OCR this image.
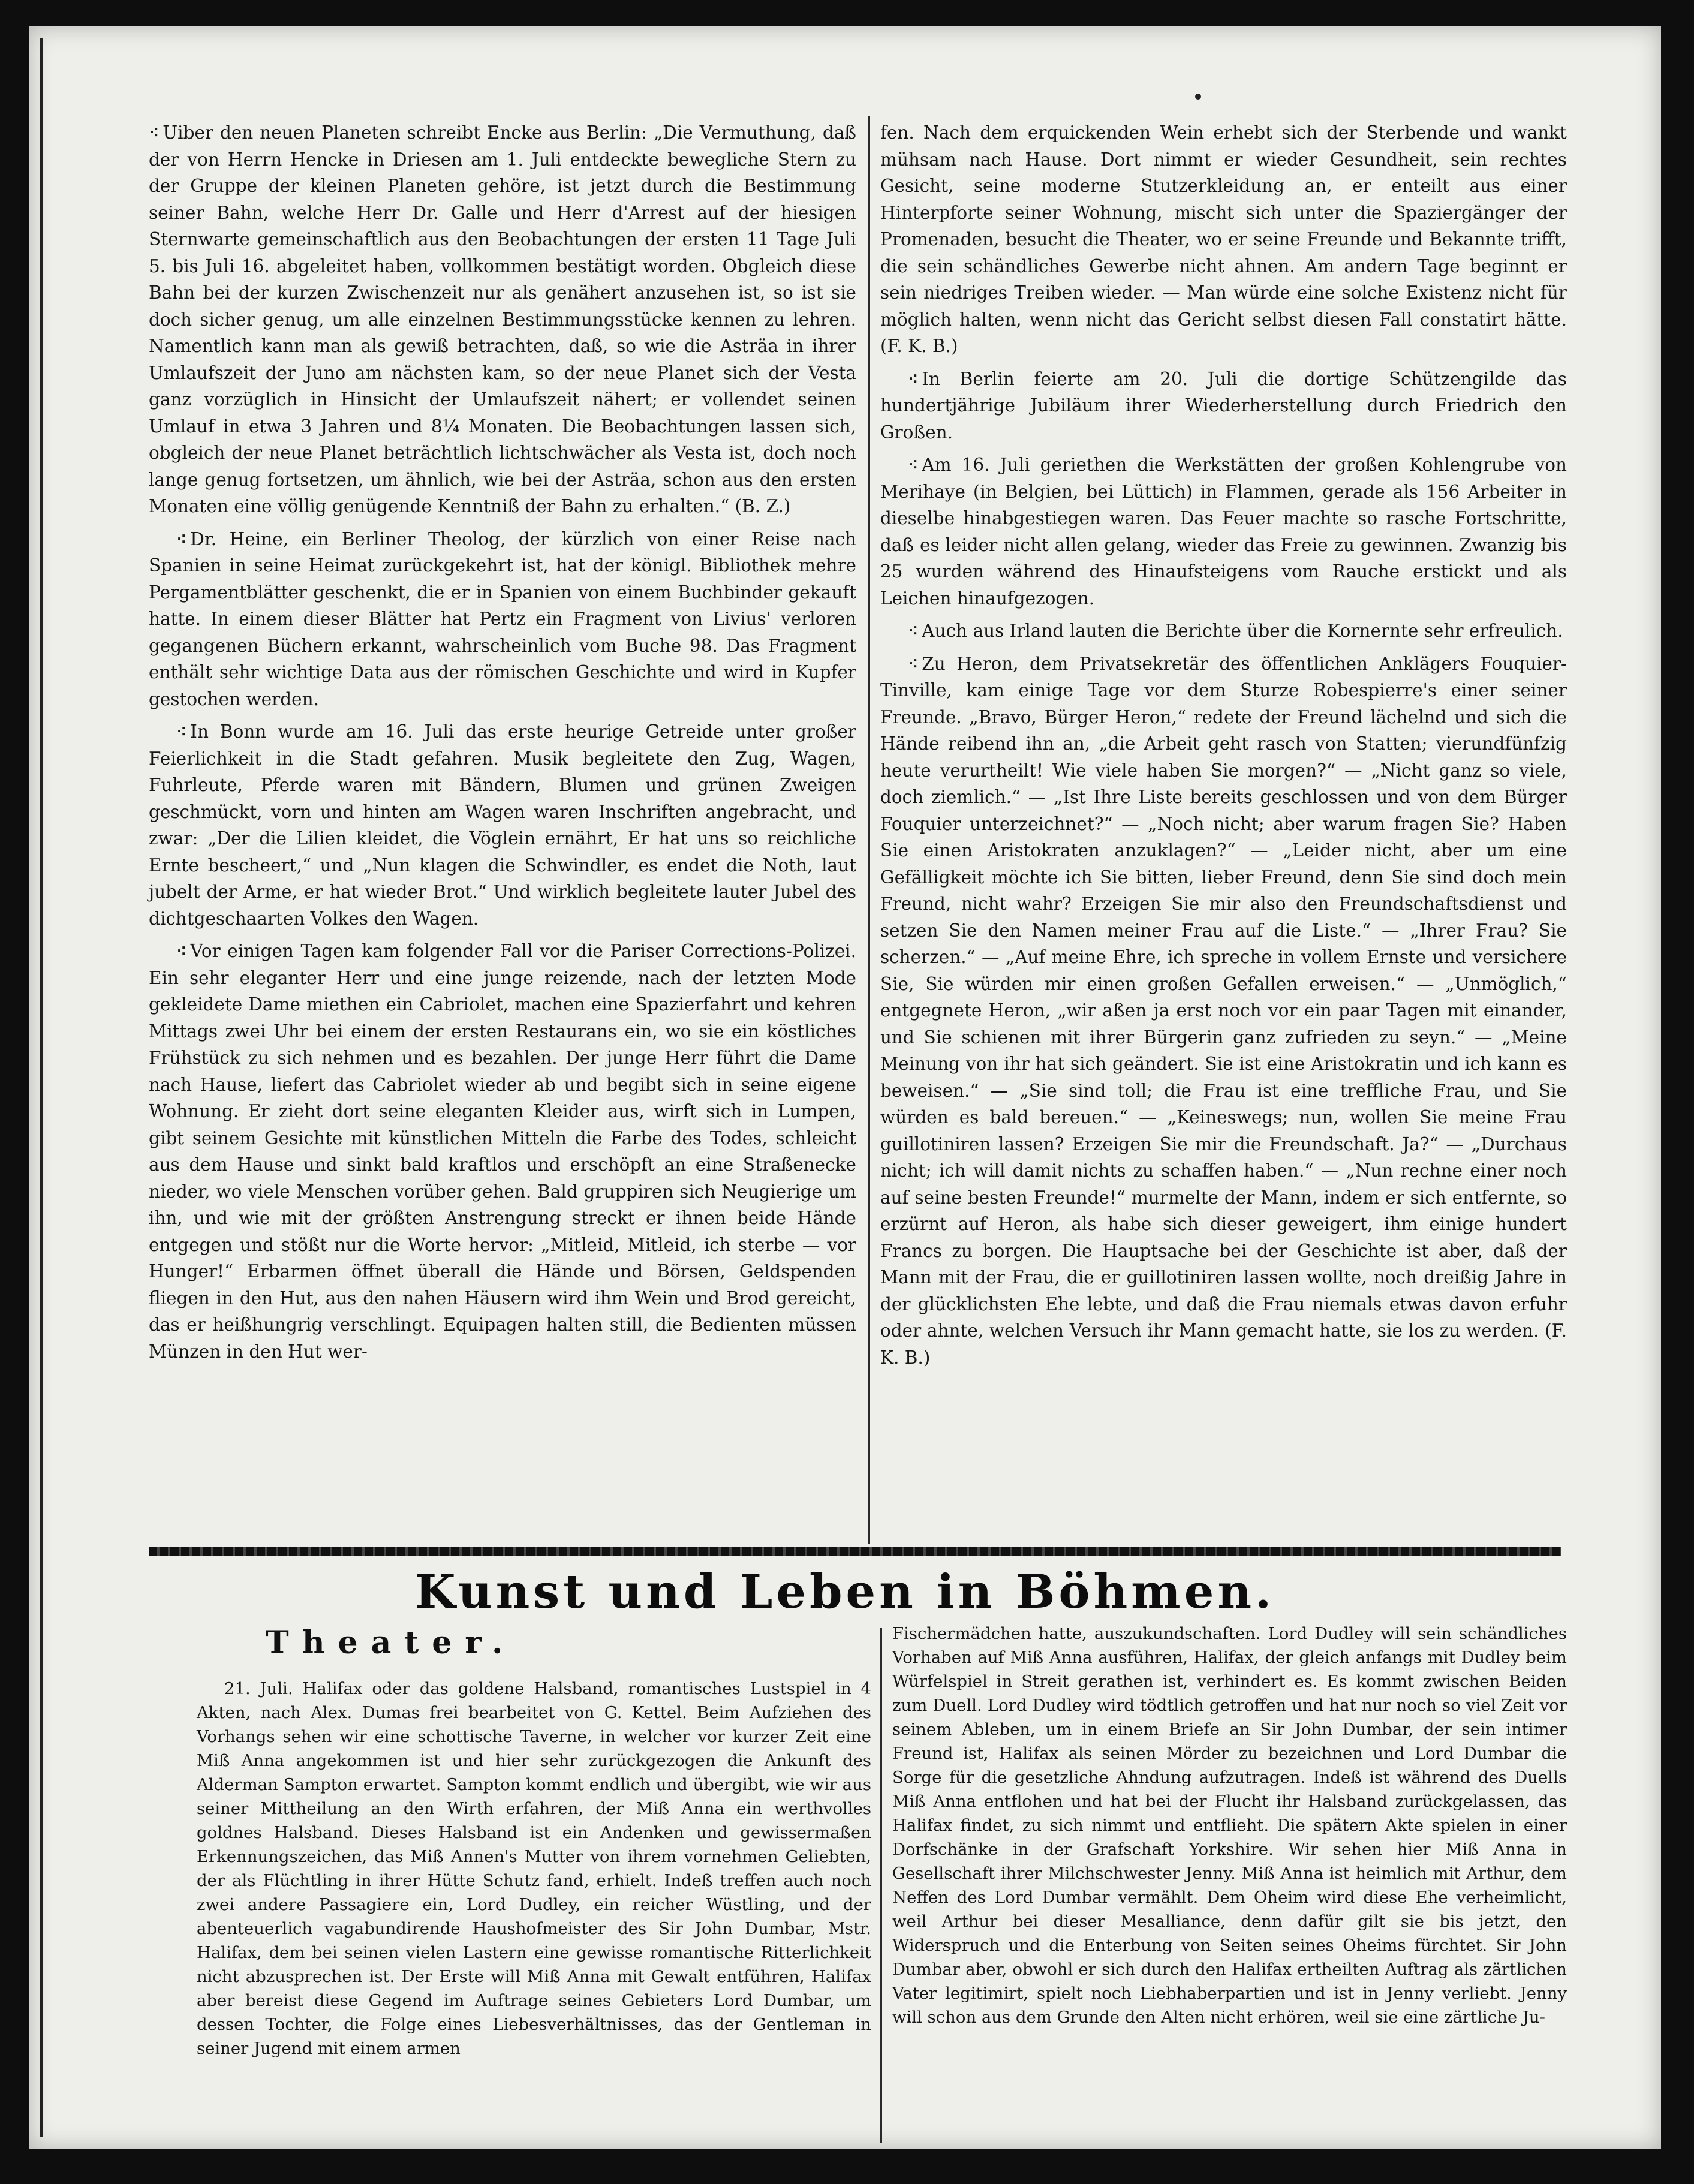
⁖ Uiber den neuen Planeten schreibt Encke aus Berlin: „Die Vermuthung, daß der von Herrn Hencke in Driesen am 1. Juli entdeckte bewegliche Stern zu der Gruppe der kleinen Planeten gehöre, ist jetzt durch die Bestimmung seiner Bahn, welche Herr Dr. Galle und Herr d'Arrest auf der hiesigen Sternwarte gemeinschaftlich aus den Beobachtungen der ersten 11 Tage Juli 5. bis Juli 16. abgeleitet haben, vollkommen bestätigt worden. Obgleich diese Bahn bei der kurzen Zwischenzeit nur als genähert anzusehen ist, so ist sie doch sicher genug, um alle einzelnen Bestimmungsstücke kennen zu lehren. Namentlich kann man als gewiß betrachten, daß, so wie die Asträa in ihrer Umlaufszeit der Juno am nächsten kam, so der neue Planet sich der Vesta ganz vorzüglich in Hinsicht der Umlaufszeit nähert; er vollendet seinen Umlauf in etwa 3 Jahren und 8¼ Monaten. Die Beobachtungen lassen sich, obgleich der neue Planet beträchtlich lichtschwächer als Vesta ist, doch noch lange genug fortsetzen, um ähnlich, wie bei der Asträa, schon aus den ersten Monaten eine völlig genügende Kenntniß der Bahn zu erhalten.“ (B. Z.)

⁖ Dr. Heine, ein Berliner Theolog, der kürzlich von einer Reise nach Spanien in seine Heimat zurückgekehrt ist, hat der königl. Bibliothek mehre Pergamentblätter geschenkt, die er in Spanien von einem Buchbinder gekauft hatte. In einem dieser Blätter hat Pertz ein Fragment von Livius' verloren gegangenen Büchern erkannt, wahrscheinlich vom Buche 98. Das Fragment enthält sehr wichtige Data aus der römischen Geschichte und wird in Kupfer gestochen werden.

⁖ In Bonn wurde am 16. Juli das erste heurige Getreide unter großer Feierlichkeit in die Stadt gefahren. Musik begleitete den Zug, Wagen, Fuhrleute, Pferde waren mit Bändern, Blumen und grünen Zweigen geschmückt, vorn und hinten am Wagen waren Inschriften angebracht, und zwar: „Der die Lilien kleidet, die Vöglein ernährt, Er hat uns so reichliche Ernte bescheert,“ und „Nun klagen die Schwindler, es endet die Noth, laut jubelt der Arme, er hat wieder Brot.“ Und wirklich begleitete lauter Jubel des dichtgeschaarten Volkes den Wagen.

⁖ Vor einigen Tagen kam folgender Fall vor die Pariser Corrections-Polizei. Ein sehr eleganter Herr und eine junge reizende, nach der letzten Mode gekleidete Dame miethen ein Cabriolet, machen eine Spazierfahrt und kehren Mittags zwei Uhr bei einem der ersten Restaurans ein, wo sie ein köstliches Frühstück zu sich nehmen und es bezahlen. Der junge Herr führt die Dame nach Hause, liefert das Cabriolet wieder ab und begibt sich in seine eigene Wohnung. Er zieht dort seine eleganten Kleider aus, wirft sich in Lumpen, gibt seinem Gesichte mit künstlichen Mitteln die Farbe des Todes, schleicht aus dem Hause und sinkt bald kraftlos und erschöpft an eine Straßenecke nieder, wo viele Menschen vorüber gehen. Bald gruppiren sich Neugierige um ihn, und wie mit der größten Anstrengung streckt er ihnen beide Hände entgegen und stößt nur die Worte hervor: „Mitleid, Mitleid, ich sterbe — vor Hunger!“ Erbarmen öffnet überall die Hände und Börsen, Geldspenden fliegen in den Hut, aus den nahen Häusern wird ihm Wein und Brod gereicht, das er heißhungrig verschlingt. Equipagen halten still, die Bedienten müssen Münzen in den Hut wer-

fen. Nach dem erquickenden Wein erhebt sich der Sterbende und wankt mühsam nach Hause. Dort nimmt er wieder Gesundheit, sein rechtes Gesicht, seine moderne Stutzerkleidung an, er enteilt aus einer Hinterpforte seiner Wohnung, mischt sich unter die Spaziergänger der Promenaden, besucht die Theater, wo er seine Freunde und Bekannte trifft, die sein schändliches Gewerbe nicht ahnen. Am andern Tage beginnt er sein niedriges Treiben wieder. — Man würde eine solche Existenz nicht für möglich halten, wenn nicht das Gericht selbst diesen Fall constatirt hätte. (F. K. B.)

⁖ In Berlin feierte am 20. Juli die dortige Schützengilde das hundertjährige Jubiläum ihrer Wiederherstellung durch Friedrich den Großen.

⁖ Am 16. Juli geriethen die Werkstätten der großen Kohlengrube von Merihaye (in Belgien, bei Lüttich) in Flammen, gerade als 156 Arbeiter in dieselbe hinabgestiegen waren. Das Feuer machte so rasche Fortschritte, daß es leider nicht allen gelang, wieder das Freie zu gewinnen. Zwanzig bis 25 wurden während des Hinaufsteigens vom Rauche erstickt und als Leichen hinaufgezogen.

⁖ Auch aus Irland lauten die Berichte über die Kornernte sehr erfreulich.

⁖ Zu Heron, dem Privatsekretär des öffentlichen Anklägers Fouquier-Tinville, kam einige Tage vor dem Sturze Robespierre's einer seiner Freunde. „Bravo, Bürger Heron,“ redete der Freund lächelnd und sich die Hände reibend ihn an, „die Arbeit geht rasch von Statten; vierundfünfzig heute verurtheilt! Wie viele haben Sie morgen?“ — „Nicht ganz so viele, doch ziemlich.“ — „Ist Ihre Liste bereits geschlossen und von dem Bürger Fouquier unterzeichnet?“ — „Noch nicht; aber warum fragen Sie? Haben Sie einen Aristokraten anzuklagen?“ — „Leider nicht, aber um eine Gefälligkeit möchte ich Sie bitten, lieber Freund, denn Sie sind doch mein Freund, nicht wahr? Erzeigen Sie mir also den Freundschaftsdienst und setzen Sie den Namen meiner Frau auf die Liste.“ — „Ihrer Frau? Sie scherzen.“ — „Auf meine Ehre, ich spreche in vollem Ernste und versichere Sie, Sie würden mir einen großen Gefallen erweisen.“ — „Unmöglich,“ entgegnete Heron, „wir aßen ja erst noch vor ein paar Tagen mit einander, und Sie schienen mit ihrer Bürgerin ganz zufrieden zu seyn.“ — „Meine Meinung von ihr hat sich geändert. Sie ist eine Aristokratin und ich kann es beweisen.“ — „Sie sind toll; die Frau ist eine treffliche Frau, und Sie würden es bald bereuen.“ — „Keineswegs; nun, wollen Sie meine Frau guillotiniren lassen? Erzeigen Sie mir die Freundschaft. Ja?“ — „Durchaus nicht; ich will damit nichts zu schaffen haben.“ — „Nun rechne einer noch auf seine besten Freunde!“ murmelte der Mann, indem er sich entfernte, so erzürnt auf Heron, als habe sich dieser geweigert, ihm einige hundert Francs zu borgen. Die Hauptsache bei der Geschichte ist aber, daß der Mann mit der Frau, die er guillotiniren lassen wollte, noch dreißig Jahre in der glücklichsten Ehe lebte, und daß die Frau niemals etwas davon erfuhr oder ahnte, welchen Versuch ihr Mann gemacht hatte, sie los zu werden. (F. K. B.)

Kunst und Leben in Böhmen.
Theater.

21. Juli. Halifax oder das goldene Halsband, romantisches Lustspiel in 4 Akten, nach Alex. Dumas frei bearbeitet von G. Kettel. Beim Aufziehen des Vorhangs sehen wir eine schottische Taverne, in welcher vor kurzer Zeit eine Miß Anna angekommen ist und hier sehr zurückgezogen die Ankunft des Alderman Sampton erwartet. Sampton kommt endlich und übergibt, wie wir aus seiner Mittheilung an den Wirth erfahren, der Miß Anna ein werthvolles goldnes Halsband. Dieses Halsband ist ein Andenken und gewissermaßen Erkennungszeichen, das Miß Annen's Mutter von ihrem vornehmen Geliebten, der als Flüchtling in ihrer Hütte Schutz fand, erhielt. Indeß treffen auch noch zwei andere Passagiere ein, Lord Dudley, ein reicher Wüstling, und der abenteuerlich vagabundirende Haushofmeister des Sir John Dumbar, Mstr. Halifax, dem bei seinen vielen Lastern eine gewisse romantische Ritterlichkeit nicht abzusprechen ist. Der Erste will Miß Anna mit Gewalt entführen, Halifax aber bereist diese Gegend im Auftrage seines Gebieters Lord Dumbar, um dessen Tochter, die Folge eines Liebesverhältnisses, das der Gentleman in seiner Jugend mit einem armen

Fischermädchen hatte, auszukundschaften. Lord Dudley will sein schändliches Vorhaben auf Miß Anna ausführen, Halifax, der gleich anfangs mit Dudley beim Würfelspiel in Streit gerathen ist, verhindert es. Es kommt zwischen Beiden zum Duell. Lord Dudley wird tödtlich getroffen und hat nur noch so viel Zeit vor seinem Ableben, um in einem Briefe an Sir John Dumbar, der sein intimer Freund ist, Halifax als seinen Mörder zu bezeichnen und Lord Dumbar die Sorge für die gesetzliche Ahndung aufzutragen. Indeß ist während des Duells Miß Anna entflohen und hat bei der Flucht ihr Halsband zurückgelassen, das Halifax findet, zu sich nimmt und entflieht. Die spätern Akte spielen in einer Dorfschänke in der Grafschaft Yorkshire. Wir sehen hier Miß Anna in Gesellschaft ihrer Milchschwester Jenny. Miß Anna ist heimlich mit Arthur, dem Neffen des Lord Dumbar vermählt. Dem Oheim wird diese Ehe verheimlicht, weil Arthur bei dieser Mesalliance, denn dafür gilt sie bis jetzt, den Widerspruch und die Enterbung von Seiten seines Oheims fürchtet. Sir John Dumbar aber, obwohl er sich durch den Halifax ertheilten Auftrag als zärtlichen Vater legitimirt, spielt noch Liebhaberpartien und ist in Jenny verliebt. Jenny will schon aus dem Grunde den Alten nicht erhören, weil sie eine zärtliche Ju-
